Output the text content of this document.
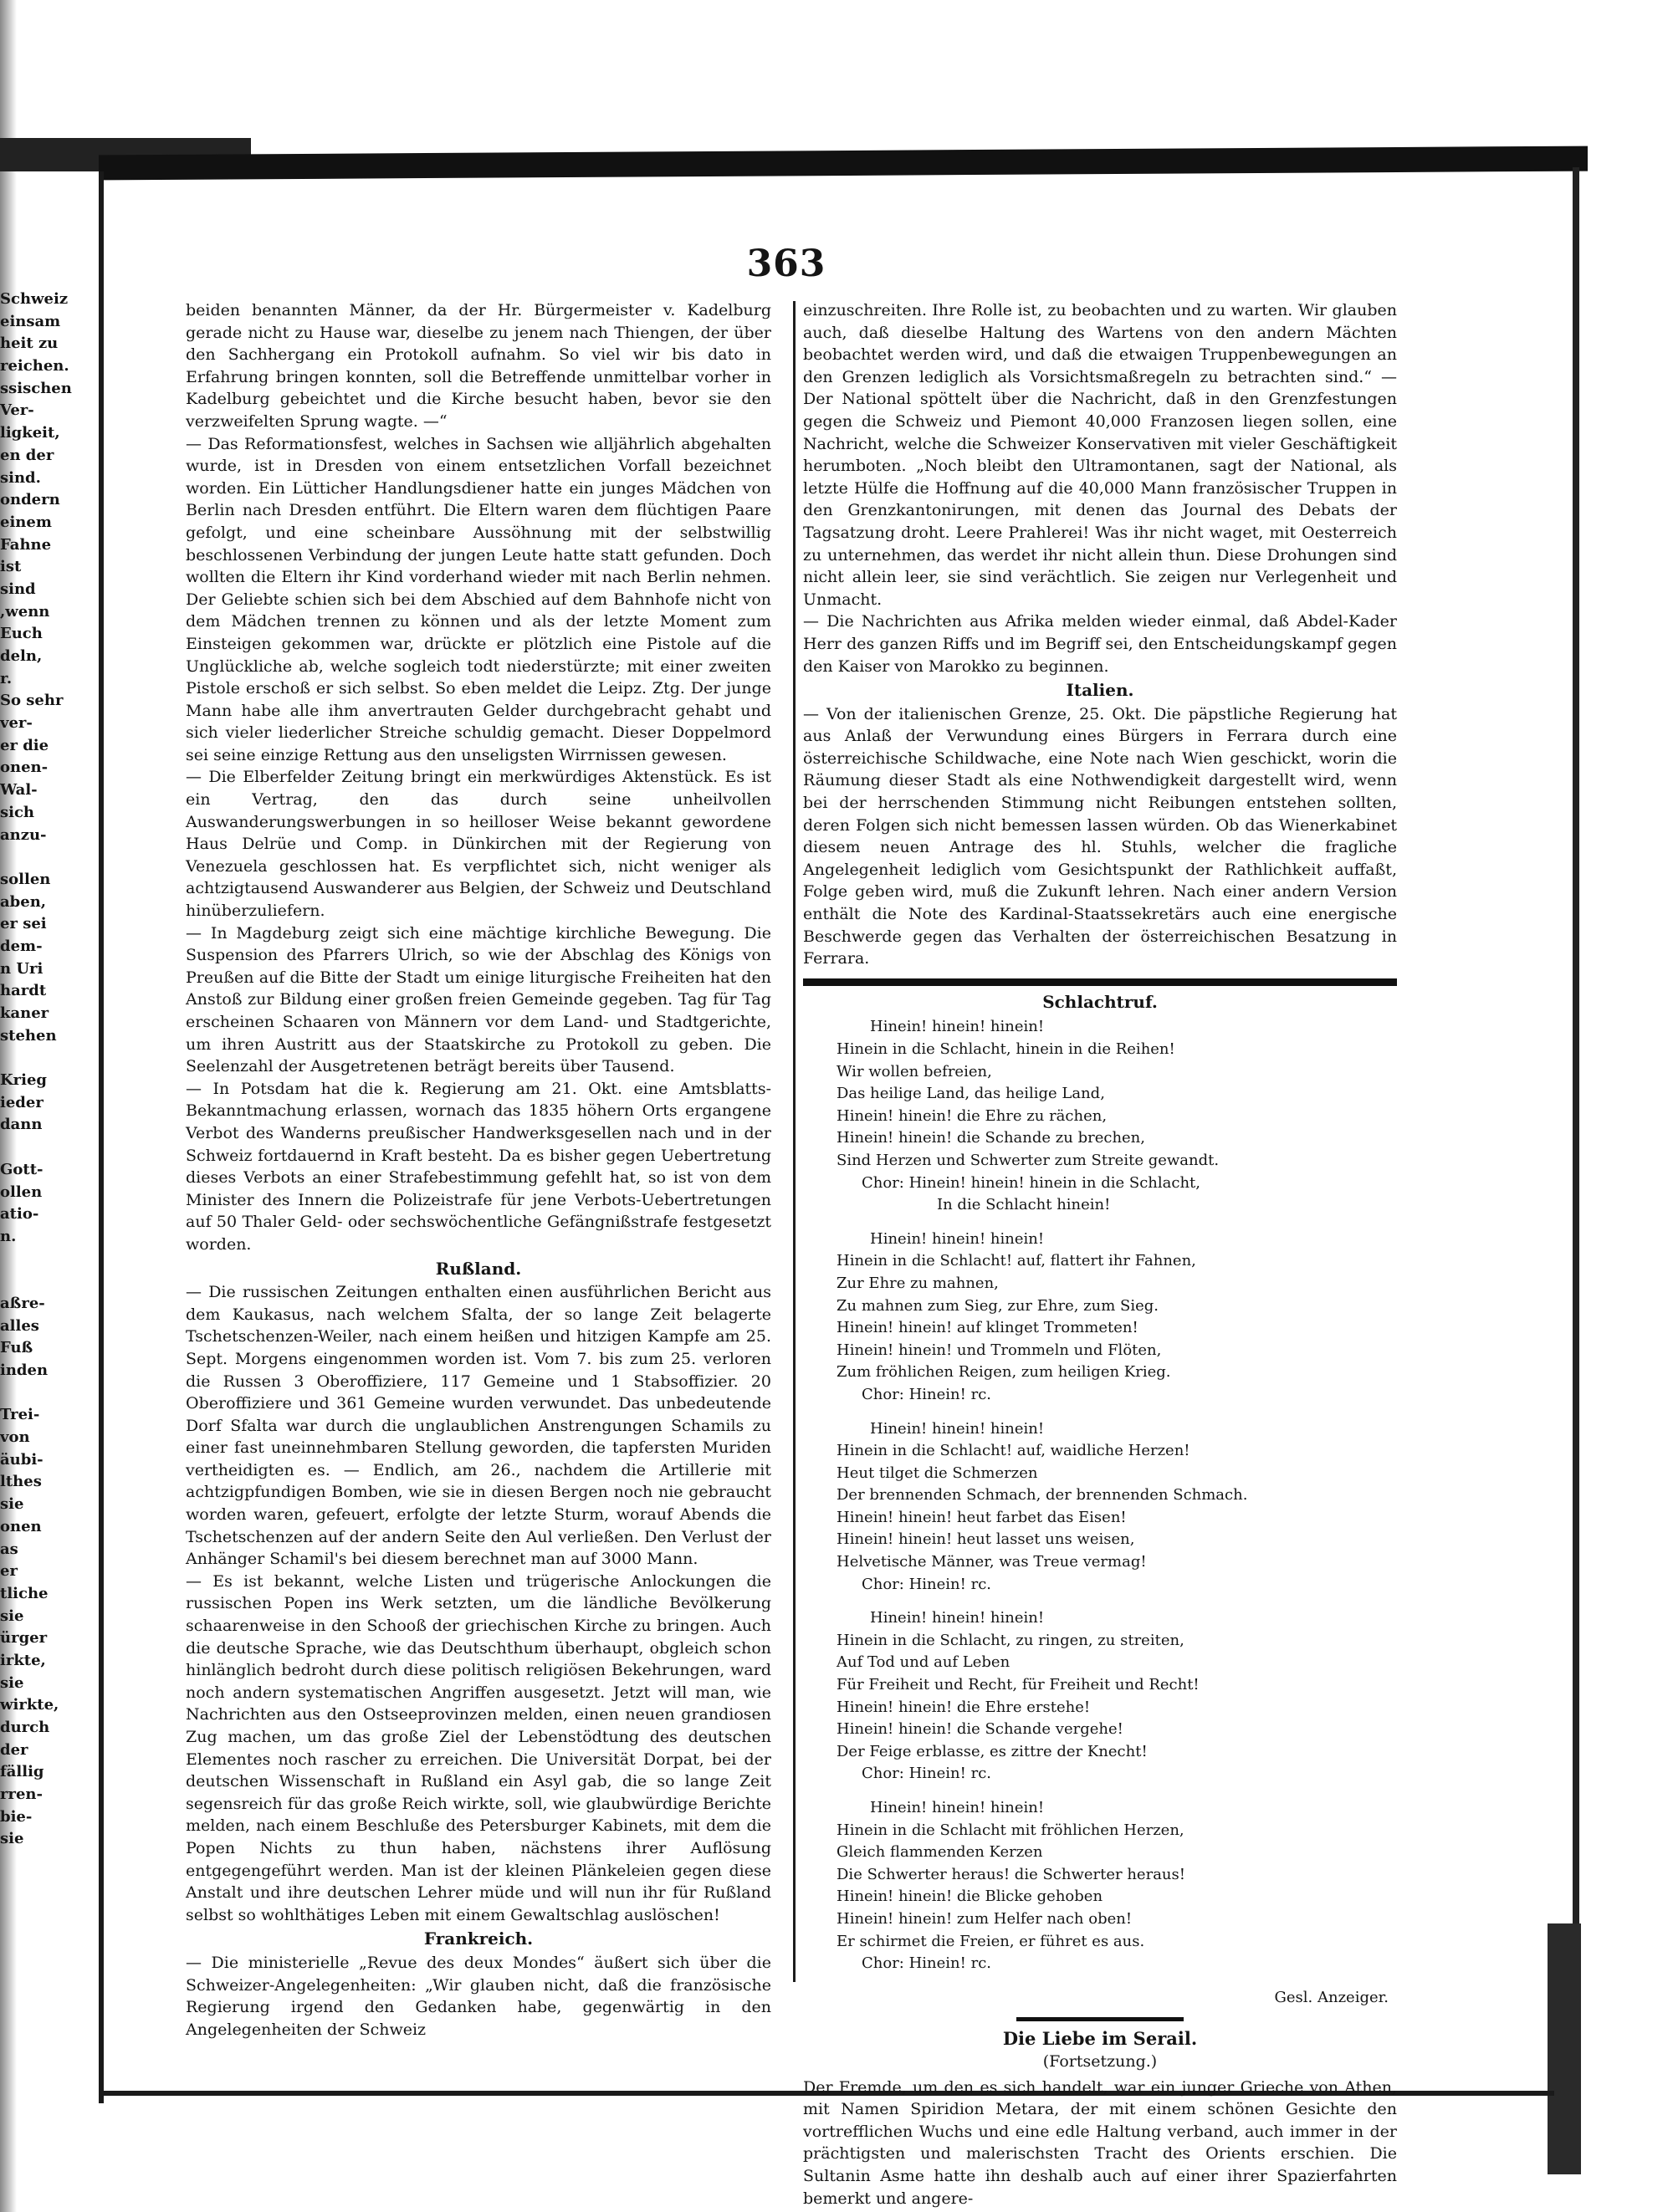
Schweiz
einsam
heit zu
reichen.
ssischen
Ver-
ligkeit,
en der
sind.
ondern
einem
Fahne
ist
sind
,wenn
Euch
deln,
r.
So sehr
ver-
er die
onen-
Wal-
sich
anzu-
sollen
aben,
er sei
dem-
n Uri
hardt
kaner
stehen
Krieg
ieder
dann
Gott-
ollen
atio-
n.
aßre-
alles
Fuß
inden
Trei-
von
äubi-
lthes
sie
onen
as
er
tliche
sie
ürger
irkte,
sie
wirkte,
durch
der
fällig
rren-
bie-
sie
363

beiden benannten Männer, da der Hr. Bürgermeister v. Kadelburg gerade nicht zu Hause war, dieselbe zu jenem nach Thiengen, der über den Sachhergang ein Protokoll aufnahm. So viel wir bis dato in Erfahrung bringen konnten, soll die Betreffende unmittelbar vorher in Kadelburg gebeichtet und die Kirche besucht haben, bevor sie den verzweifelten Sprung wagte. —“

— Das Reformationsfest, welches in Sachsen wie alljährlich abgehalten wurde, ist in Dresden von einem entsetzlichen Vorfall bezeichnet worden. Ein Lütticher Handlungsdiener hatte ein junges Mädchen von Berlin nach Dresden entführt. Die Eltern waren dem flüchtigen Paare gefolgt, und eine scheinbare Aussöhnung mit der selbstwillig beschlossenen Verbindung der jungen Leute hatte statt gefunden. Doch wollten die Eltern ihr Kind vorderhand wieder mit nach Berlin nehmen. Der Geliebte schien sich bei dem Abschied auf dem Bahnhofe nicht von dem Mädchen trennen zu können und als der letzte Moment zum Einsteigen gekommen war, drückte er plötzlich eine Pistole auf die Unglückliche ab, welche sogleich todt niederstürzte; mit einer zweiten Pistole erschoß er sich selbst. So eben meldet die Leipz. Ztg. Der junge Mann habe alle ihm anvertrauten Gelder durchgebracht gehabt und sich vieler liederlicher Streiche schuldig gemacht. Dieser Doppelmord sei seine einzige Rettung aus den unseligsten Wirrnissen gewesen.

— Die Elberfelder Zeitung bringt ein merkwürdiges Aktenstück. Es ist ein Vertrag, den das durch seine unheilvollen Auswanderungswerbungen in so heilloser Weise bekannt gewordene Haus Delrüe und Comp. in Dünkirchen mit der Regierung von Venezuela geschlossen hat. Es verpflichtet sich, nicht weniger als achtzigtausend Auswanderer aus Belgien, der Schweiz und Deutschland hinüberzuliefern.

— In Magdeburg zeigt sich eine mächtige kirchliche Bewegung. Die Suspension des Pfarrers Ulrich, so wie der Abschlag des Königs von Preußen auf die Bitte der Stadt um einige liturgische Freiheiten hat den Anstoß zur Bildung einer großen freien Gemeinde gegeben. Tag für Tag erscheinen Schaaren von Männern vor dem Land- und Stadtgerichte, um ihren Austritt aus der Staatskirche zu Protokoll zu geben. Die Seelenzahl der Ausgetretenen beträgt bereits über Tausend.

— In Potsdam hat die k. Regierung am 21. Okt. eine Amtsblatts-Bekanntmachung erlassen, wornach das 1835 höhern Orts ergangene Verbot des Wanderns preußischer Handwerksgesellen nach und in der Schweiz fortdauernd in Kraft besteht. Da es bisher gegen Uebertretung dieses Verbots an einer Strafebestimmung gefehlt hat, so ist von dem Minister des Innern die Polizeistrafe für jene Verbots-Uebertretungen auf 50 Thaler Geld- oder sechswöchentliche Gefängnißstrafe festgesetzt worden.

Rußland.

— Die russischen Zeitungen enthalten einen ausführlichen Bericht aus dem Kaukasus, nach welchem Sfalta, der so lange Zeit belagerte Tschetschenzen-Weiler, nach einem heißen und hitzigen Kampfe am 25. Sept. Morgens eingenommen worden ist. Vom 7. bis zum 25. verloren die Russen 3 Oberoffiziere, 117 Gemeine und 1 Stabsoffizier. 20 Oberoffiziere und 361 Gemeine wurden verwundet. Das unbedeutende Dorf Sfalta war durch die unglaublichen Anstrengungen Schamils zu einer fast uneinnehmbaren Stellung geworden, die tapfersten Muriden vertheidigten es. — Endlich, am 26., nachdem die Artillerie mit achtzigpfundigen Bomben, wie sie in diesen Bergen noch nie gebraucht worden waren, gefeuert, erfolgte der letzte Sturm, worauf Abends die Tschetschenzen auf der andern Seite den Aul verließen. Den Verlust der Anhänger Schamil's bei diesem berechnet man auf 3000 Mann.

— Es ist bekannt, welche Listen und trügerische Anlockungen die russischen Popen ins Werk setzten, um die ländliche Bevölkerung schaarenweise in den Schooß der griechischen Kirche zu bringen. Auch die deutsche Sprache, wie das Deutschthum überhaupt, obgleich schon hinlänglich bedroht durch diese politisch religiösen Bekehrungen, ward noch andern systematischen Angriffen ausgesetzt. Jetzt will man, wie Nachrichten aus den Ostseeprovinzen melden, einen neuen grandiosen Zug machen, um das große Ziel der Lebenstödtung des deutschen Elementes noch rascher zu erreichen. Die Universität Dorpat, bei der deutschen Wissenschaft in Rußland ein Asyl gab, die so lange Zeit segensreich für das große Reich wirkte, soll, wie glaubwürdige Berichte melden, nach einem Beschluße des Petersburger Kabinets, mit dem die Popen Nichts zu thun haben, nächstens ihrer Auflösung entgegengeführt werden. Man ist der kleinen Plänkeleien gegen diese Anstalt und ihre deutschen Lehrer müde und will nun ihr für Rußland selbst so wohlthätiges Leben mit einem Gewaltschlag auslöschen!

Frankreich.

— Die ministerielle „Revue des deux Mondes“ äußert sich über die Schweizer-Angelegenheiten: „Wir glauben nicht, daß die französische Regierung irgend den Gedanken habe, gegenwärtig in den Angelegenheiten der Schweiz

einzuschreiten. Ihre Rolle ist, zu beobachten und zu warten. Wir glauben auch, daß dieselbe Haltung des Wartens von den andern Mächten beobachtet werden wird, und daß die etwaigen Truppenbewegungen an den Grenzen lediglich als Vorsichtsmaßregeln zu betrachten sind.“ — Der National spöttelt über die Nachricht, daß in den Grenzfestungen gegen die Schweiz und Piemont 40,000 Franzosen liegen sollen, eine Nachricht, welche die Schweizer Konservativen mit vieler Geschäftigkeit herumboten. „Noch bleibt den Ultramontanen, sagt der National, als letzte Hülfe die Hoffnung auf die 40,000 Mann französischer Truppen in den Grenzkantonirungen, mit denen das Journal des Debats der Tagsatzung droht. Leere Prahlerei! Was ihr nicht waget, mit Oesterreich zu unternehmen, das werdet ihr nicht allein thun. Diese Drohungen sind nicht allein leer, sie sind verächtlich. Sie zeigen nur Verlegenheit und Unmacht.

— Die Nachrichten aus Afrika melden wieder einmal, daß Abdel-Kader Herr des ganzen Riffs und im Begriff sei, den Entscheidungskampf gegen den Kaiser von Marokko zu beginnen.

Italien.

— Von der italienischen Grenze, 25. Okt. Die päpstliche Regierung hat aus Anlaß der Verwundung eines Bürgers in Ferrara durch eine österreichische Schildwache, eine Note nach Wien geschickt, worin die Räumung dieser Stadt als eine Nothwendigkeit dargestellt wird, wenn bei der herrschenden Stimmung nicht Reibungen entstehen sollten, deren Folgen sich nicht bemessen lassen würden. Ob das Wienerkabinet diesem neuen Antrage des hl. Stuhls, welcher die fragliche Angelegenheit lediglich vom Gesichtspunkt der Rathlichkeit auffaßt, Folge geben wird, muß die Zukunft lehren. Nach einer andern Version enthält die Note des Kardinal-Staatssekretärs auch eine energische Beschwerde gegen das Verhalten der österreichischen Besatzung in Ferrara.

Schlachtruf.
Hinein! hinein! hinein!
Hinein in die Schlacht, hinein in die Reihen!
Wir wollen befreien,
Das heilige Land, das heilige Land,
Hinein! hinein! die Ehre zu rächen,
Hinein! hinein! die Schande zu brechen,
Sind Herzen und Schwerter zum Streite gewandt.
Chor: Hinein! hinein! hinein in die Schlacht,
In die Schlacht hinein!
Hinein! hinein! hinein!
Hinein in die Schlacht! auf, flattert ihr Fahnen,
Zur Ehre zu mahnen,
Zu mahnen zum Sieg, zur Ehre, zum Sieg.
Hinein! hinein! auf klinget Trommeten!
Hinein! hinein! und Trommeln und Flöten,
Zum fröhlichen Reigen, zum heiligen Krieg.
Chor: Hinein! rc.
Hinein! hinein! hinein!
Hinein in die Schlacht! auf, waidliche Herzen!
Heut tilget die Schmerzen
Der brennenden Schmach, der brennenden Schmach.
Hinein! hinein! heut farbet das Eisen!
Hinein! hinein! heut lasset uns weisen,
Helvetische Männer, was Treue vermag!
Chor: Hinein! rc.
Hinein! hinein! hinein!
Hinein in die Schlacht, zu ringen, zu streiten,
Auf Tod und auf Leben
Für Freiheit und Recht, für Freiheit und Recht!
Hinein! hinein! die Ehre erstehe!
Hinein! hinein! die Schande vergehe!
Der Feige erblasse, es zittre der Knecht!
Chor: Hinein! rc.
Hinein! hinein! hinein!
Hinein in die Schlacht mit fröhlichen Herzen,
Gleich flammenden Kerzen
Die Schwerter heraus! die Schwerter heraus!
Hinein! hinein! die Blicke gehoben
Hinein! hinein! zum Helfer nach oben!
Er schirmet die Freien, er führet es aus.
Chor: Hinein! rc.
Gesl. Anzeiger.
Die Liebe im Serail.
(Fortsetzung.)

Der Fremde, um den es sich handelt, war ein junger Grieche von Athen, mit Namen Spiridion Metara, der mit einem schönen Gesichte den vortrefflichen Wuchs und eine edle Haltung verband, auch immer in der prächtigsten und malerischsten Tracht des Orients erschien. Die Sultanin Asme hatte ihn deshalb auch auf einer ihrer Spazierfahrten bemerkt und angere-
